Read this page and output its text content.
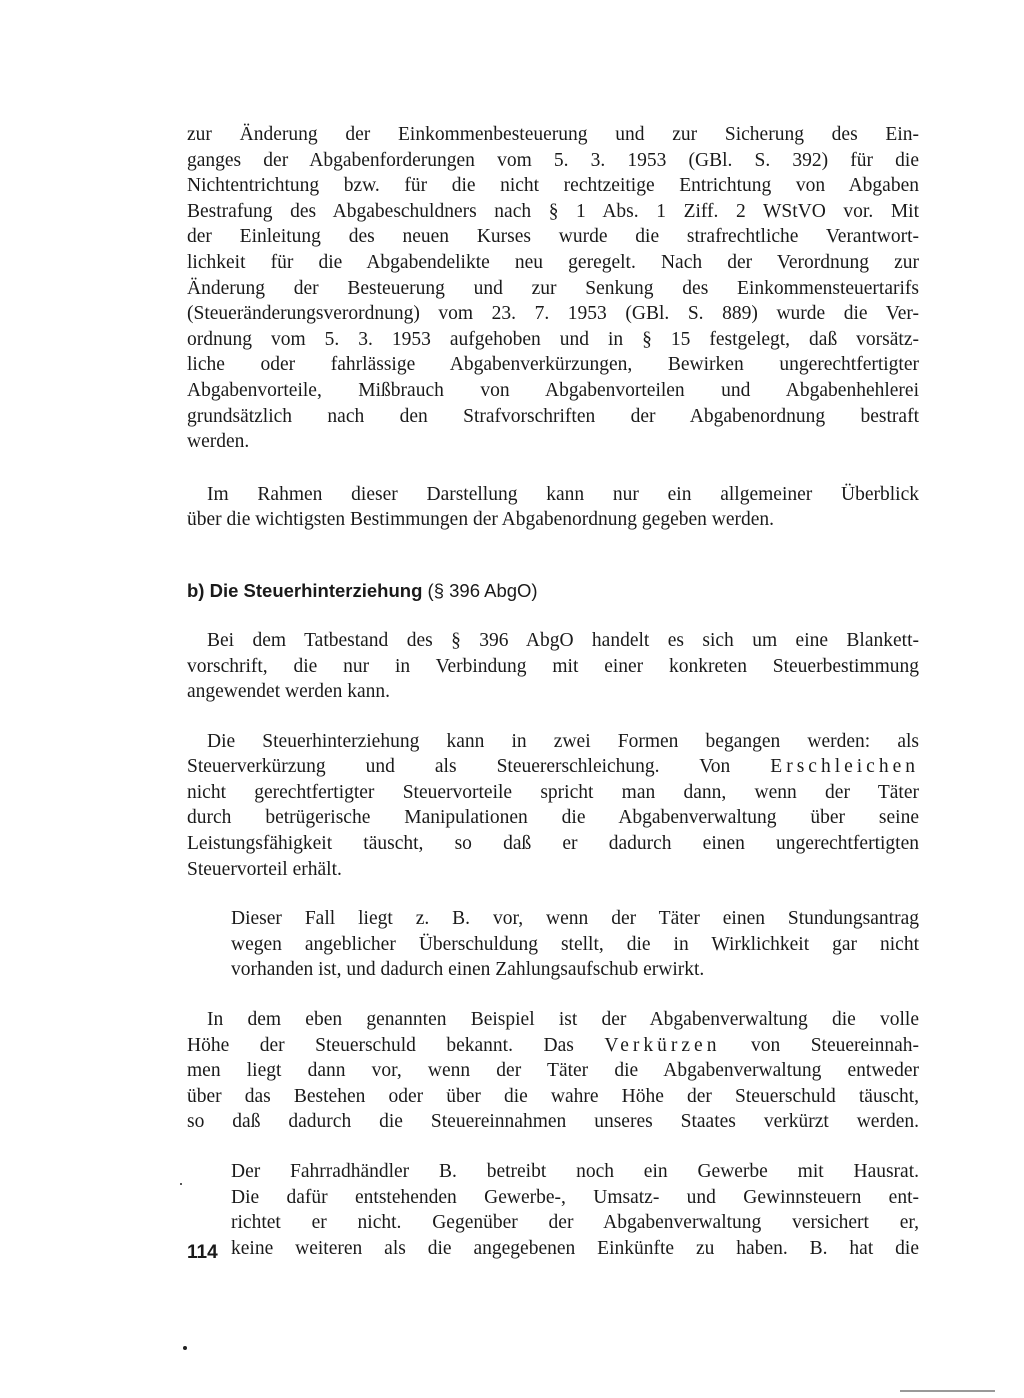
zur Änderung der Einkommenbesteuerung und zur Sicherung des Ein-
ganges der Abgabenforderungen vom 5. 3. 1953 (GBl. S. 392) für die
Nichtentrichtung bzw. für die nicht rechtzeitige Entrichtung von Abgaben
Bestrafung des Abgabeschuldners nach § 1 Abs. 1 Ziff. 2 WStVO vor. Mit
der Einleitung des neuen Kurses wurde die strafrechtliche Verantwort-
lichkeit für die Abgabendelikte neu geregelt. Nach der Verordnung zur
Änderung der Besteuerung und zur Senkung des Einkommensteuertarifs
(Steueränderungsverordnung) vom 23. 7. 1953 (GBl. S. 889) wurde die Ver-
ordnung vom 5. 3. 1953 aufgehoben und in § 15 festgelegt, daß vorsätz-
liche oder fahrlässige Abgabenverkürzungen, Bewirken ungerechtfertigter
Abgabenvorteile, Mißbrauch von Abgabenvorteilen und Abgabenhehlerei
grundsätzlich nach den Strafvorschriften der Abgabenordnung bestraft
werden.

Im Rahmen dieser Darstellung kann nur ein allgemeiner Überblick
über die wichtigsten Bestimmungen der Abgabenordnung gegeben werden.

b) Die Steuerhinterziehung (§ 396 AbgO)

Bei dem Tatbestand des § 396 AbgO handelt es sich um eine Blankett-
vorschrift, die nur in Verbindung mit einer konkreten Steuerbestimmung
angewendet werden kann.

Die Steuerhinterziehung kann in zwei Formen begangen werden: als
Steuerverkürzung und als Steuererschleichung. Von Erschleichen
nicht gerechtfertigter Steuervorteile spricht man dann, wenn der Täter
durch betrügerische Manipulationen die Abgabenverwaltung über seine
Leistungsfähigkeit täuscht, so daß er dadurch einen ungerechtfertigten
Steuervorteil erhält.

Dieser Fall liegt z. B. vor, wenn der Täter einen Stundungsantrag
wegen angeblicher Überschuldung stellt, die in Wirklichkeit gar nicht
vorhanden ist, und dadurch einen Zahlungsaufschub erwirkt.

In dem eben genannten Beispiel ist der Abgabenverwaltung die volle
Höhe der Steuerschuld bekannt. Das Verkürzen von Steuereinnah-
men liegt dann vor, wenn der Täter die Abgabenverwaltung entweder
über das Bestehen oder über die wahre Höhe der Steuerschuld täuscht,
so daß dadurch die Steuereinnahmen unseres Staates verkürzt werden.

Der Fahrradhändler B. betreibt noch ein Gewerbe mit Hausrat.
Die dafür entstehenden Gewerbe-, Umsatz- und Gewinnsteuern ent-
richtet er nicht. Gegenüber der Abgabenverwaltung versichert er,
keine weiteren als die angegebenen Einkünfte zu haben. B. hat die

114
